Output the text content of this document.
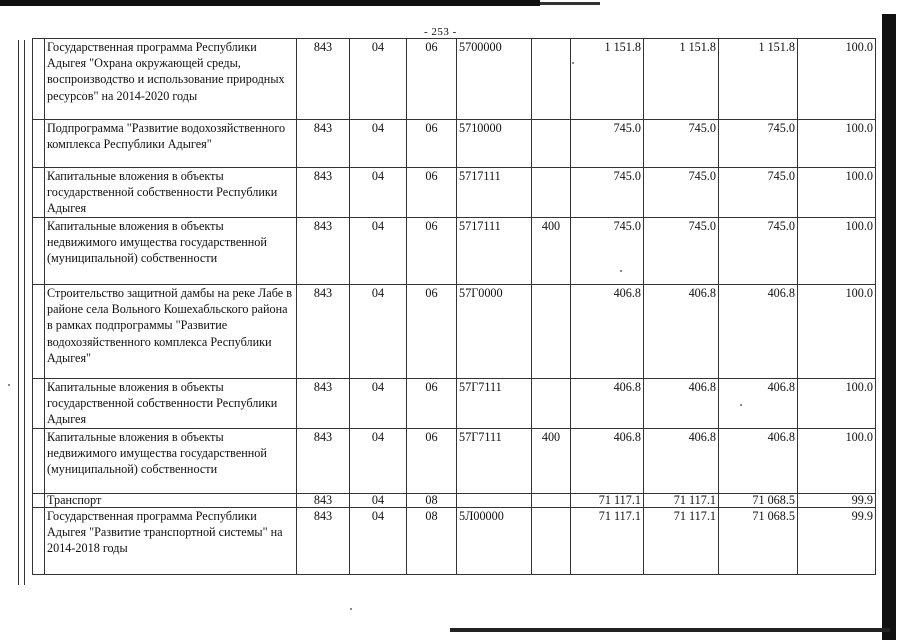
- 253 -
	Государственная программа Республики Адыгея "Охрана окружающей среды, воспроизводство и использование природных ресурсов" на 2014-2020 годы	843	04	06	5700000		1 151.8	1 151.8	1 151.8	100.0
	Подпрограмма "Развитие водохозяйственного комплекса Республики Адыгея"	843	04	06	5710000		745.0	745.0	745.0	100.0
	Капитальные вложения в объекты государственной собственности Республики Адыгея	843	04	06	5717111		745.0	745.0	745.0	100.0
	Капитальные вложения в объекты недвижимого имущества государственной (муниципальной) собственности	843	04	06	5717111	400	745.0	745.0	745.0	100.0
	Строительство защитной дамбы на реке Лабе в районе села Вольного Кошехабльского района в рамках подпрограммы "Развитие водохозяйственного комплекса Республики Адыгея"	843	04	06	57Г0000		406.8	406.8	406.8	100.0
	Капитальные вложения в объекты государственной собственности Республики Адыгея	843	04	06	57Г7111		406.8	406.8	406.8	100.0
	Капитальные вложения в объекты недвижимого имущества государственной (муниципальной) собственности	843	04	06	57Г7111	400	406.8	406.8	406.8	100.0
	Транспорт	843	04	08			71 117.1	71 117.1	71 068.5	99.9
	Государственная программа Республики Адыгея "Развитие транспортной системы" на 2014-2018 годы	843	04	08	5Л00000		71 117.1	71 117.1	71 068.5	99.9
